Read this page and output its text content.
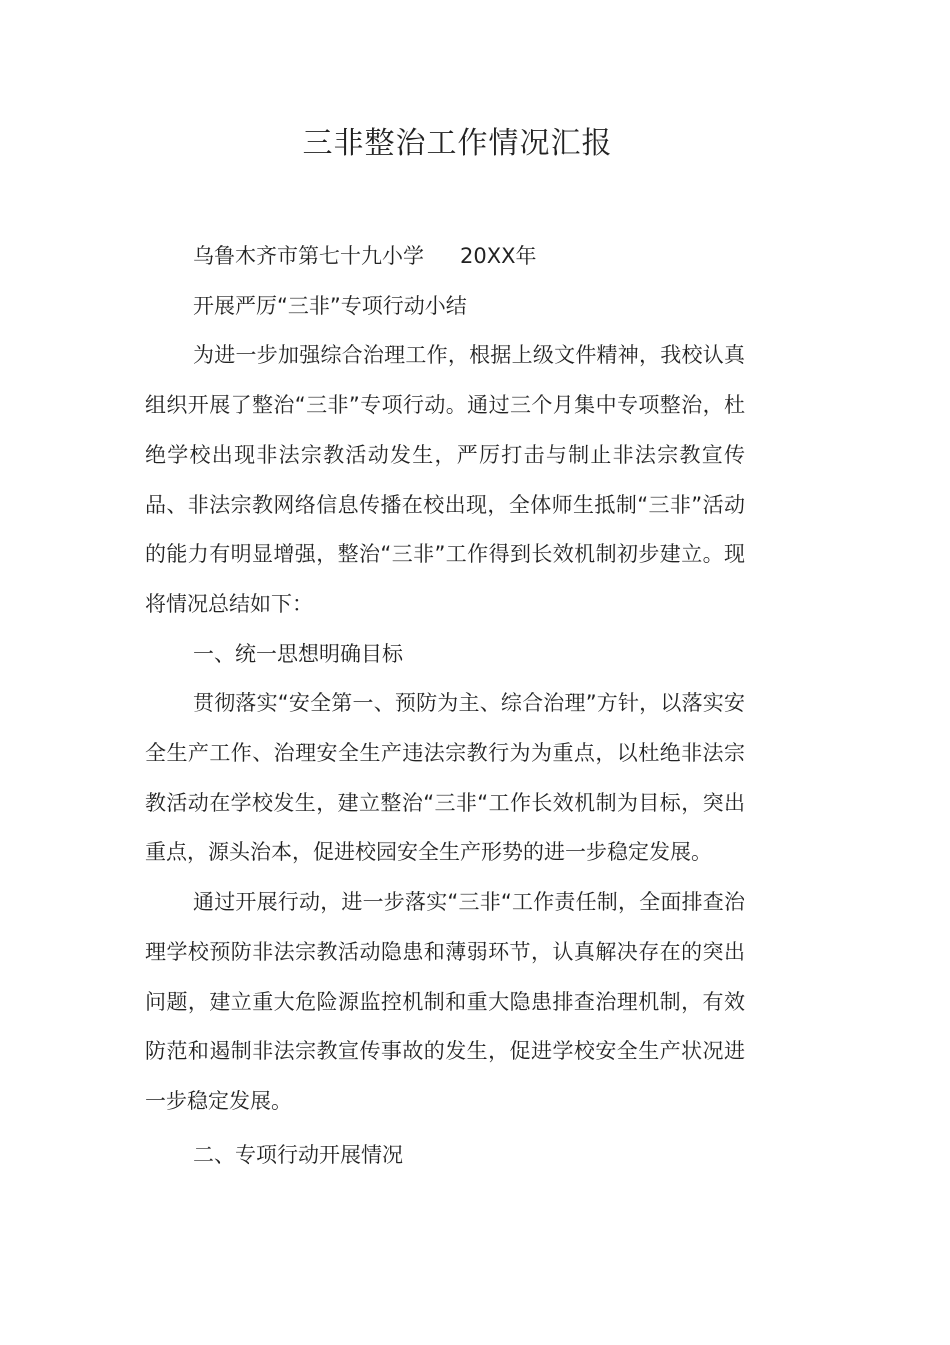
三非整治工作情况汇报

乌鲁木齐市第七十九小学 20XX年

开展严厉“三非”专项行动小结

为进一步加强综合治理工作，根据上级文件精神，我校认真组织开展了整治“三非”专项行动。通过三个月集中专项整治，杜绝学校出现非法宗教活动发生，严厉打击与制止非法宗教宣传品、非法宗教网络信息传播在校出现，全体师生抵制“三非”活动的能力有明显增强，整治“三非”工作得到长效机制初步建立。现将情况总结如下：

一、统一思想明确目标

贯彻落实“安全第一、预防为主、综合治理”方针，以落实安全生产工作、治理安全生产违法宗教行为为重点，以杜绝非法宗教活动在学校发生，建立整治“三非“工作长效机制为目标，突出重点，源头治本，促进校园安全生产形势的进一步稳定发展。

通过开展行动，进一步落实“三非“工作责任制，全面排查治理学校预防非法宗教活动隐患和薄弱环节，认真解决存在的突出问题，建立重大危险源监控机制和重大隐患排查治理机制，有效防范和遏制非法宗教宣传事故的发生，促进学校安全生产状况进一步稳定发展。

二、专项行动开展情况
